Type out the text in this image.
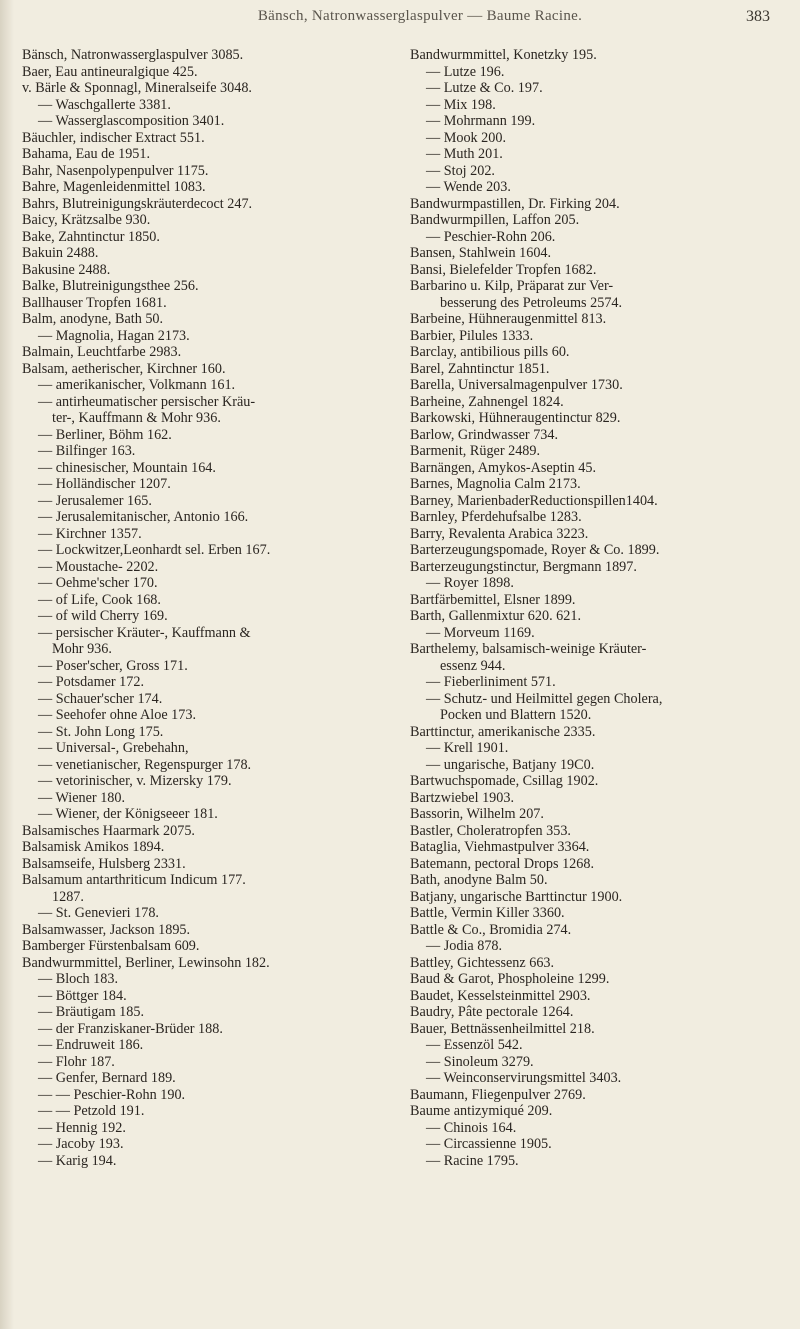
Bänsch, Natronwasserglaspulver — Baume Racine.	383
Bänsch, Natronwasserglaspulver 3085.
Baer, Eau antineuralgique 425.
v. Bärle & Sponnagl, Mineralseife 3048.
— Waschgallerte 3381.
— Wasserglascomposition 3401.
Bäuchler, indischer Extract 551.
Bahama, Eau de 1951.
Bahr, Nasenpolypenpulver 1175.
Bahre, Magenleidenmittel 1083.
Bahrs, Blutreinigungskräuterdecoct 247.
Baicy, Krätzsalbe 930.
Bake, Zahntinctur 1850.
Bakuin 2488.
Bakusine 2488.
Balke, Blutreinigungsthee 256.
Ballhauser Tropfen 1681.
Balm, anodyne, Bath 50.
— Magnolia, Hagan 2173.
Balmain, Leuchtfarbe 2983.
Balsam, aetherischer, Kirchner 160.
— amerikanischer, Volkmann 161.
— antirheumatischer persischer Kräu-
ter-, Kauffmann & Mohr 936.
— Berliner, Böhm 162.
— Bilfinger 163.
— chinesischer, Mountain 164.
— Holländischer 1207.
— Jerusalemer 165.
— Jerusalemitanischer, Antonio 166.
— Kirchner 1357.
— Lockwitzer,Leonhardt sel. Erben 167.
— Moustache- 2202.
— Oehme'scher 170.
— of Life, Cook 168.
— of wild Cherry 169.
— persischer Kräuter-, Kauffmann &
Mohr 936.
— Poser'scher, Gross 171.
— Potsdamer 172.
— Schauer'scher 174.
— Seehofer ohne Aloe 173.
— St. John Long 175.
— Universal-, Grebehahn,
— venetianischer, Regenspurger 178.
— vetorinischer, v. Mizersky 179.
— Wiener 180.
— Wiener, der Königseeer 181.
Balsamisches Haarmark 2075.
Balsamisk Amikos 1894.
Balsamseife, Hulsberg 2331.
Balsamum antarthriticum Indicum 177.
1287.
— St. Genevieri 178.
Balsamwasser, Jackson 1895.
Bamberger Fürstenbalsam 609.
Bandwurmmittel, Berliner, Lewinsohn 182.
— Bloch 183.
— Böttger 184.
— Bräutigam 185.
— der Franziskaner-Brüder 188.
— Endruweit 186.
— Flohr 187.
— Genfer, Bernard 189.
— — Peschier-Rohn 190.
— — Petzold 191.
— Hennig 192.
— Jacoby 193.
— Karig 194.
Bandwurmmittel, Konetzky 195.
— Lutze 196.
— Lutze & Co. 197.
— Mix 198.
— Mohrmann 199.
— Mook 200.
— Muth 201.
— Stoj 202.
— Wende 203.
Bandwurmpastillen, Dr. Firking 204.
Bandwurmpillen, Laffon 205.
— Peschier-Rohn 206.
Bansen, Stahlwein 1604.
Bansi, Bielefelder Tropfen 1682.
Barbarino u. Kilp, Präparat zur Ver-
besserung des Petroleums 2574.
Barbeine, Hühneraugenmittel 813.
Barbier, Pilules 1333.
Barclay, antibilious pills 60.
Barel, Zahntinctur 1851.
Barella, Universalmagenpulver 1730.
Barheine, Zahnengel 1824.
Barkowski, Hühneraugentinctur 829.
Barlow, Grindwasser 734.
Barmenit, Rüger 2489.
Barnängen, Amykos-Aseptin 45.
Barnes, Magnolia Calm 2173.
Barney, MarienbaderReductionspillen1404.
Barnley, Pferdehufsalbe 1283.
Barry, Revalenta Arabica 3223.
Barterzeugungspomade, Royer & Co. 1899.
Barterzeugungstinctur, Bergmann 1897.
— Royer 1898.
Bartfärbemittel, Elsner 1899.
Barth, Gallenmixtur 620. 621.
— Morveum 1169.
Barthelemy, balsamisch-weinige Kräuter-
essenz 944.
— Fieberliniment 571.
— Schutz- und Heilmittel gegen Cholera,
Pocken und Blattern 1520.
Barttinctur, amerikanische 2335.
— Krell 1901.
— ungarische, Batjany 19C0.
Bartwuchspomade, Csillag 1902.
Bartzwiebel 1903.
Bassorin, Wilhelm 207.
Bastler, Choleratropfen 353.
Bataglia, Viehmastpulver 3364.
Batemann, pectoral Drops 1268.
Bath, anodyne Balm 50.
Batjany, ungarische Barttinctur 1900.
Battle, Vermin Killer 3360.
Battle & Co., Bromidia 274.
— Jodia 878.
Battley, Gichtessenz 663.
Baud & Garot, Phospholeine 1299.
Baudet, Kesselsteinmittel 2903.
Baudry, Pâte pectorale 1264.
Bauer, Bettnässenheilmittel 218.
— Essenzöl 542.
— Sinoleum 3279.
— Weinconservirungsmittel 3403.
Baumann, Fliegenpulver 2769.
Baume antizymiqué 209.
— Chinois 164.
— Circassienne 1905.
— Racine 1795.
